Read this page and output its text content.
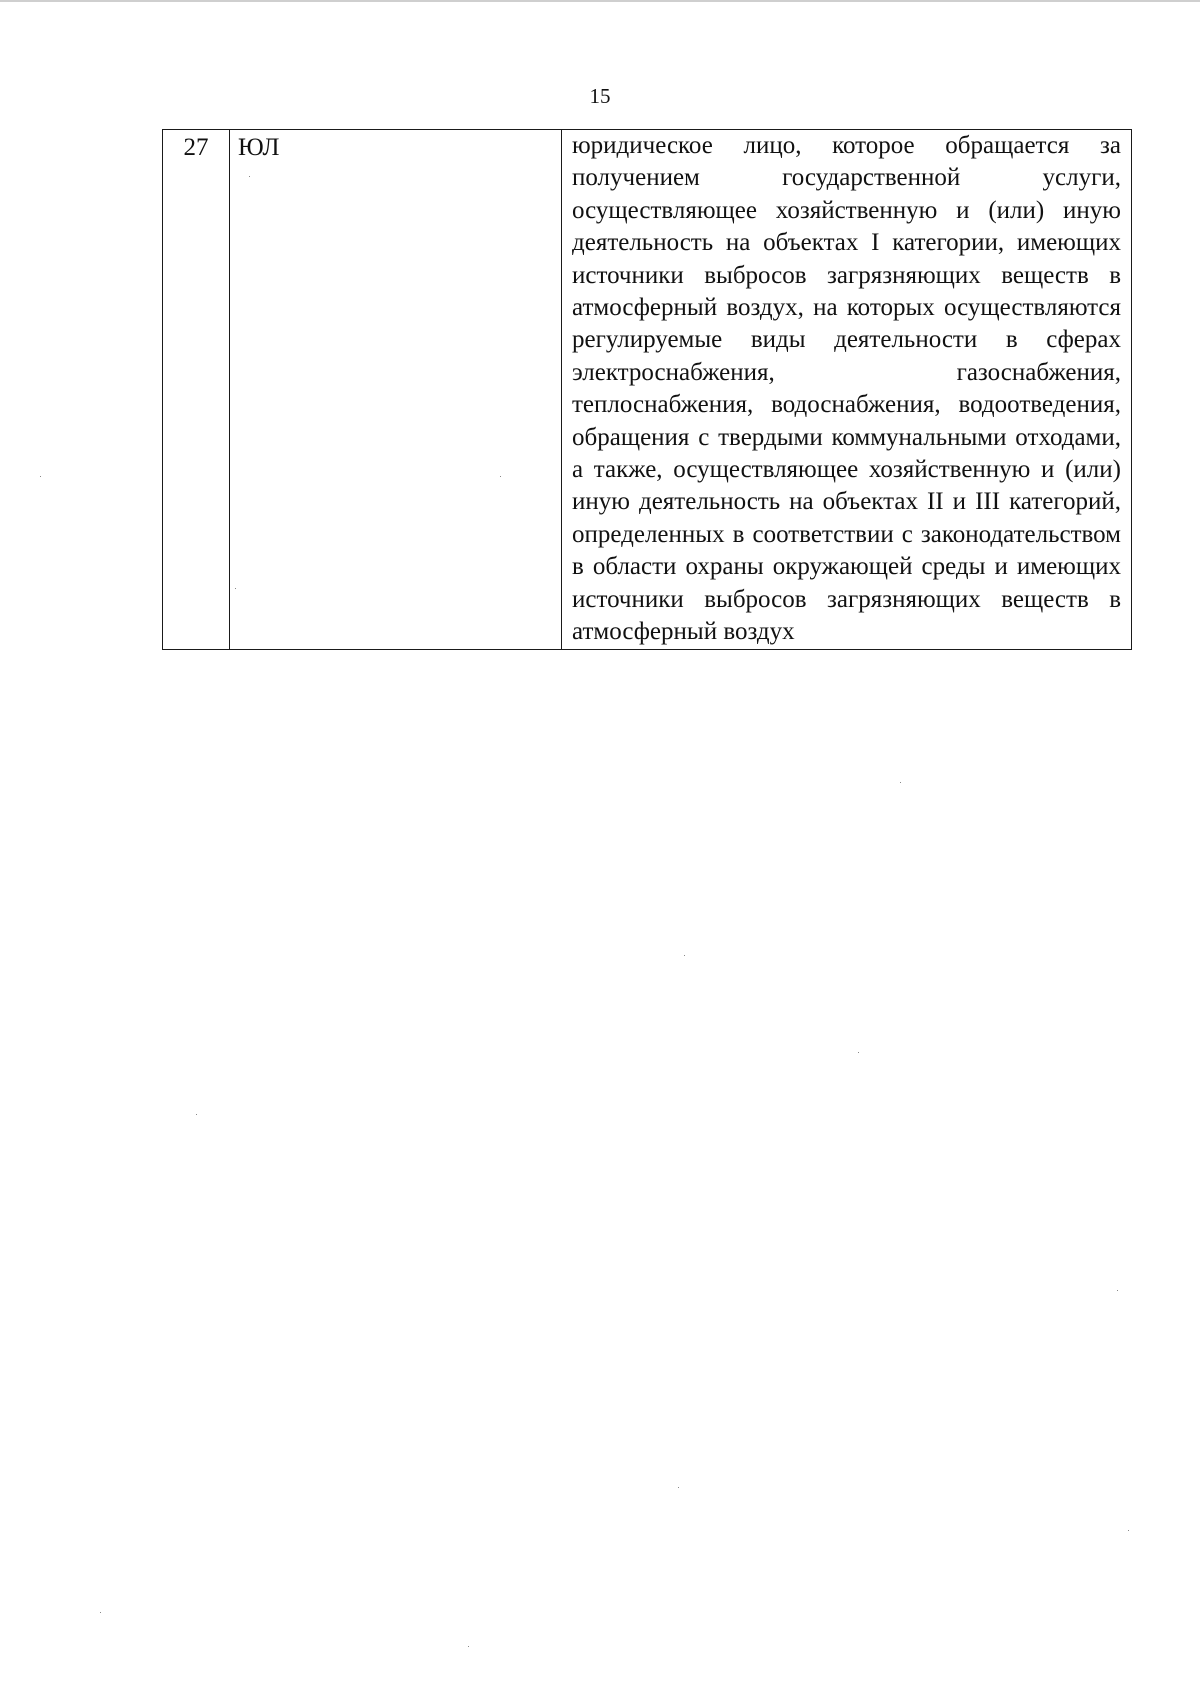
15
27	ЮЛ	юридическое лицо, которое обращается за получением государственной услуги, осуществляющее хозяйственную и (или) иную деятельность на объектах I категории, имеющих источники выбросов загрязняющих веществ в атмосферный воздух, на которых осуществляются регулируемые виды деятельности в сферах электроснабжения, газоснабжения, теплоснабжения, водоснабжения, водоотведения, обращения с твердыми коммунальными отходами, а также, осуществляющее хозяйственную и (или) иную деятельность на объектах II и III категорий, определенных в соответствии с законодательством в области охраны окружающей среды и имеющих источники выбросов загрязняющих веществ в атмосферный воздух
